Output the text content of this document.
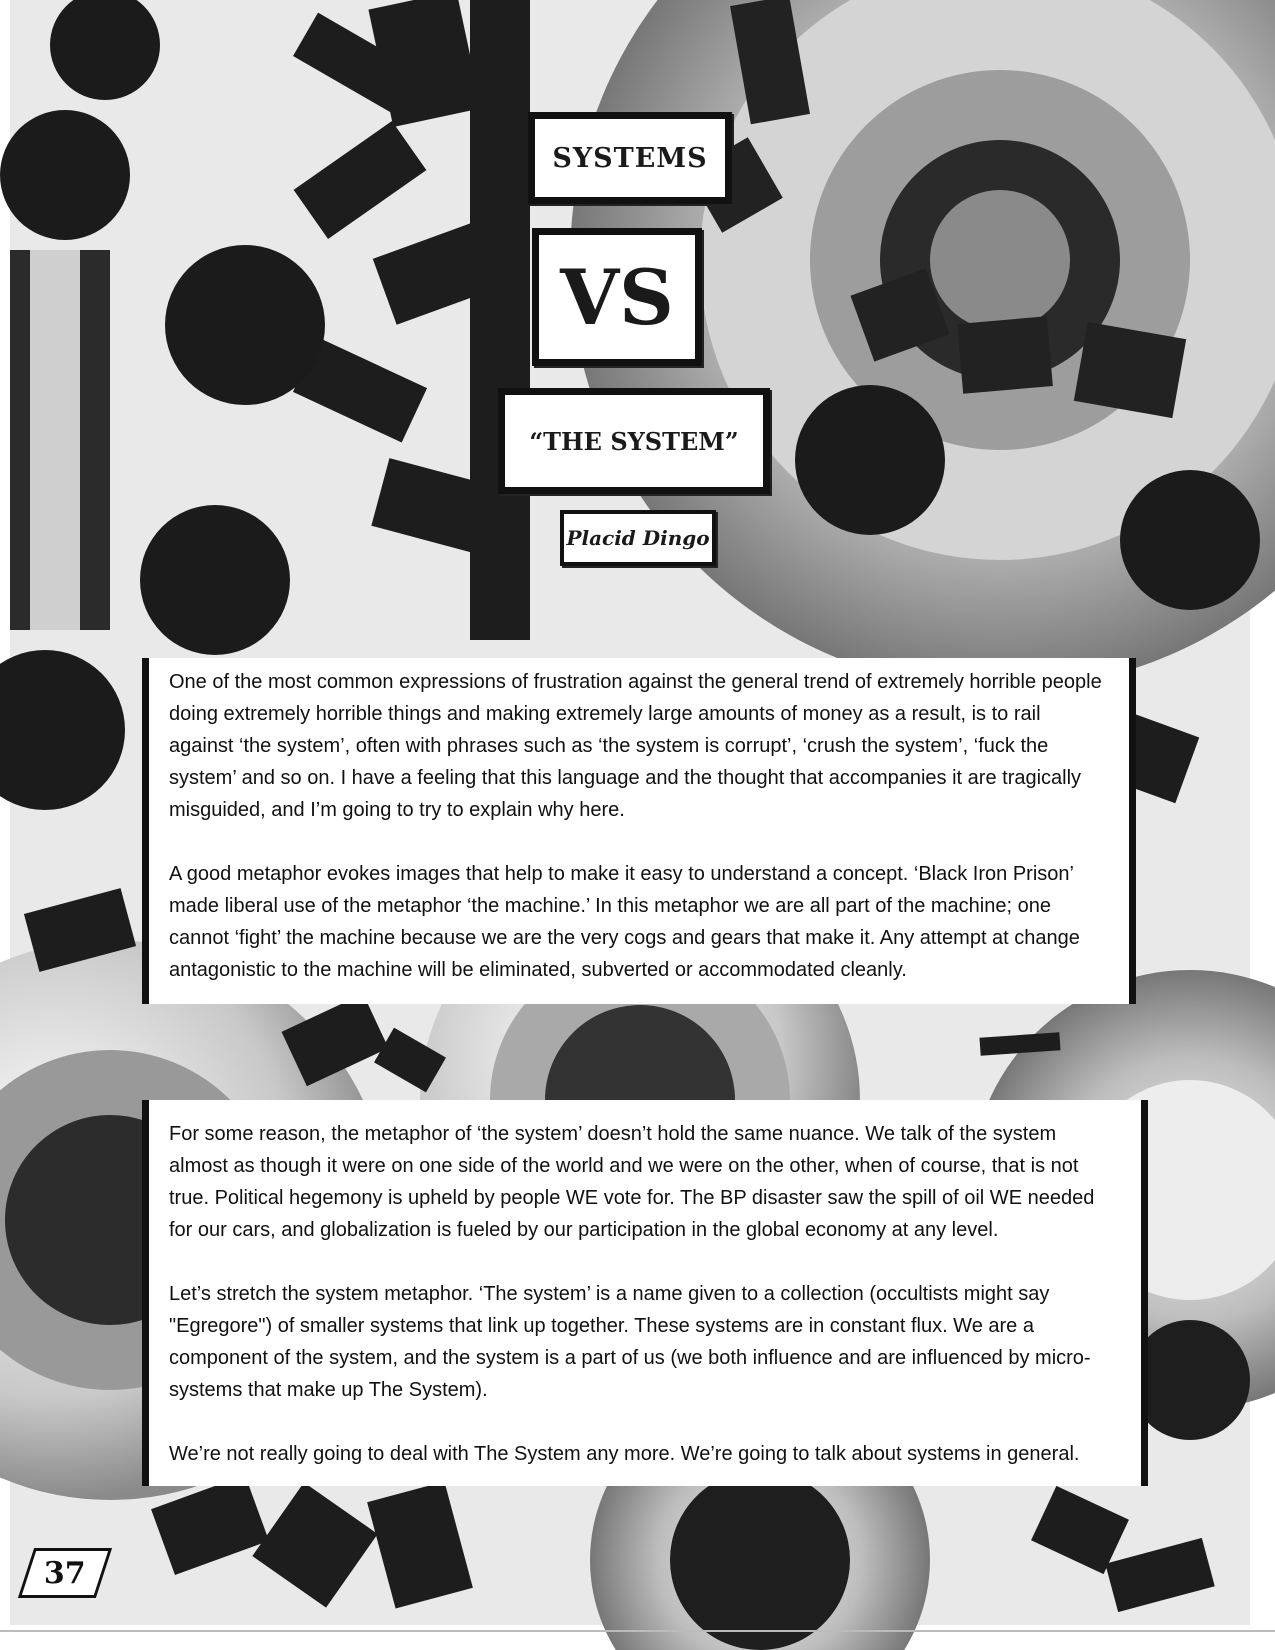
SYSTEMS
VS
“THE SYSTEM”
Placid Dingo

One of the most common expressions of frustration against the general trend of extremely horrible people doing extremely horrible things and making extremely large amounts of money as a result, is to rail against ‘the system’, often with phrases such as ‘the system is corrupt’, ‘crush the system’, ‘fuck the system’ and so on. I have a feeling that this language and the thought that accompanies it are tragically misguided, and I’m going to try to explain why here.

A good metaphor evokes images that help to make it easy to understand a concept. ‘Black Iron Prison’ made liberal use of the metaphor ‘the machine.’ In this metaphor we are all part of the machine; one cannot ‘fight’ the machine because we are the very cogs and gears that make it. Any attempt at change antagonistic to the machine will be eliminated, subverted or accommodated cleanly.

For some reason, the metaphor of ‘the system’ doesn’t hold the same nuance. We talk of the system almost as though it were on one side of the world and we were on the other, when of course, that is not true. Political hegemony is upheld by people WE vote for. The BP disaster saw the spill of oil WE needed for our cars, and globalization is fueled by our participation in the global economy at any level.

Let’s stretch the system metaphor. ‘The system’ is a name given to a collection (occultists might say "Egregore") of smaller systems that link up together. These systems are in constant flux. We are a component of the system, and the system is a part of us (we both influence and are influenced by micro-systems that make up The System).

We’re not really going to deal with The System any more. We’re going to talk about systems in general.

37
